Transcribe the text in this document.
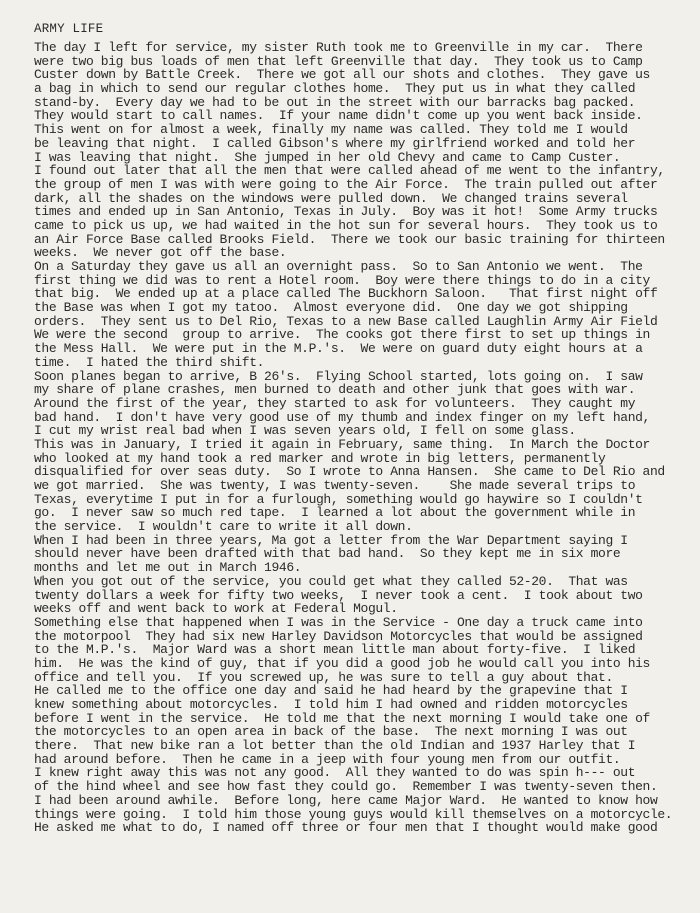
ARMY LIFE
The day I left for service, my sister Ruth took me to Greenville in my car.  There
were two big bus loads of men that left Greenville that day.  They took us to Camp
Custer down by Battle Creek.  There we got all our shots and clothes.  They gave us
a bag in which to send our regular clothes home.  They put us in what they called
stand-by.  Every day we had to be out in the street with our barracks bag packed.
They would start to call names.  If your name didn't come up you went back inside.
This went on for almost a week, finally my name was called. They told me I would
be leaving that night.  I called Gibson's where my girlfriend worked and told her
I was leaving that night.  She jumped in her old Chevy and came to Camp Custer.
I found out later that all the men that were called ahead of me went to the infantry,
the group of men I was with were going to the Air Force.  The train pulled out after
dark, all the shades on the windows were pulled down.  We changed trains several
times and ended up in San Antonio, Texas in July.  Boy was it hot!  Some Army trucks
came to pick us up, we had waited in the hot sun for several hours.  They took us to
an Air Force Base called Brooks Field.  There we took our basic training for thirteen
weeks.  We never got off the base.
On a Saturday they gave us all an overnight pass.  So to San Antonio we went.  The
first thing we did was to rent a Hotel room.  Boy were there things to do in a city
that big.  We ended up at a place called The Buckhorn Saloon.   That first night off
the Base was when I got my tatoo.  Almost everyone did.  One day we got shipping
orders.  They sent us to Del Rio, Texas to a new Base called Laughlin Army Air Field
We were the second  group to arrive.  The cooks got there first to set up things in
the Mess Hall.  We were put in the M.P.'s.  We were on guard duty eight hours at a
time.  I hated the third shift.
Soon planes began to arrive, B 26's.  Flying School started, lots going on.  I saw
my share of plane crashes, men burned to death and other junk that goes with war.
Around the first of the year, they started to ask for volunteers.  They caught my
bad hand.  I don't have very good use of my thumb and index finger on my left hand,
I cut my wrist real bad when I was seven years old, I fell on some glass.
This was in January, I tried it again in February, same thing.  In March the Doctor
who looked at my hand took a red marker and wrote in big letters, permanently
disqualified for over seas duty.  So I wrote to Anna Hansen.  She came to Del Rio and
we got married.  She was twenty, I was twenty-seven.    She made several trips to
Texas, everytime I put in for a furlough, something would go haywire so I couldn't
go.  I never saw so much red tape.  I learned a lot about the government while in
the service.  I wouldn't care to write it all down.
When I had been in three years, Ma got a letter from the War Department saying I
should never have been drafted with that bad hand.  So they kept me in six more
months and let me out in March 1946.
When you got out of the service, you could get what they called 52-20.  That was
twenty dollars a week for fifty two weeks,  I never took a cent.  I took about two
weeks off and went back to work at Federal Mogul.
Something else that happened when I was in the Service - One day a truck came into
the motorpool  They had six new Harley Davidson Motorcycles that would be assigned
to the M.P.'s.  Major Ward was a short mean little man about forty-five.  I liked
him.  He was the kind of guy, that if you did a good job he would call you into his
office and tell you.  If you screwed up, he was sure to tell a guy about that.
He called me to the office one day and said he had heard by the grapevine that I
knew something about motorcycles.  I told him I had owned and ridden motorcycles
before I went in the service.  He told me that the next morning I would take one of
the motorcycles to an open area in back of the base.  The next morning I was out
there.  That new bike ran a lot better than the old Indian and 1937 Harley that I
had around before.  Then he came in a jeep with four young men from our outfit.
I knew right away this was not any good.  All they wanted to do was spin h--- out
of the hind wheel and see how fast they could go.  Remember I was twenty-seven then.
I had been around awhile.  Before long, here came Major Ward.  He wanted to know how
things were going.  I told him those young guys would kill themselves on a motorcycle.
He asked me what to do, I named off three or four men that I thought would make good
